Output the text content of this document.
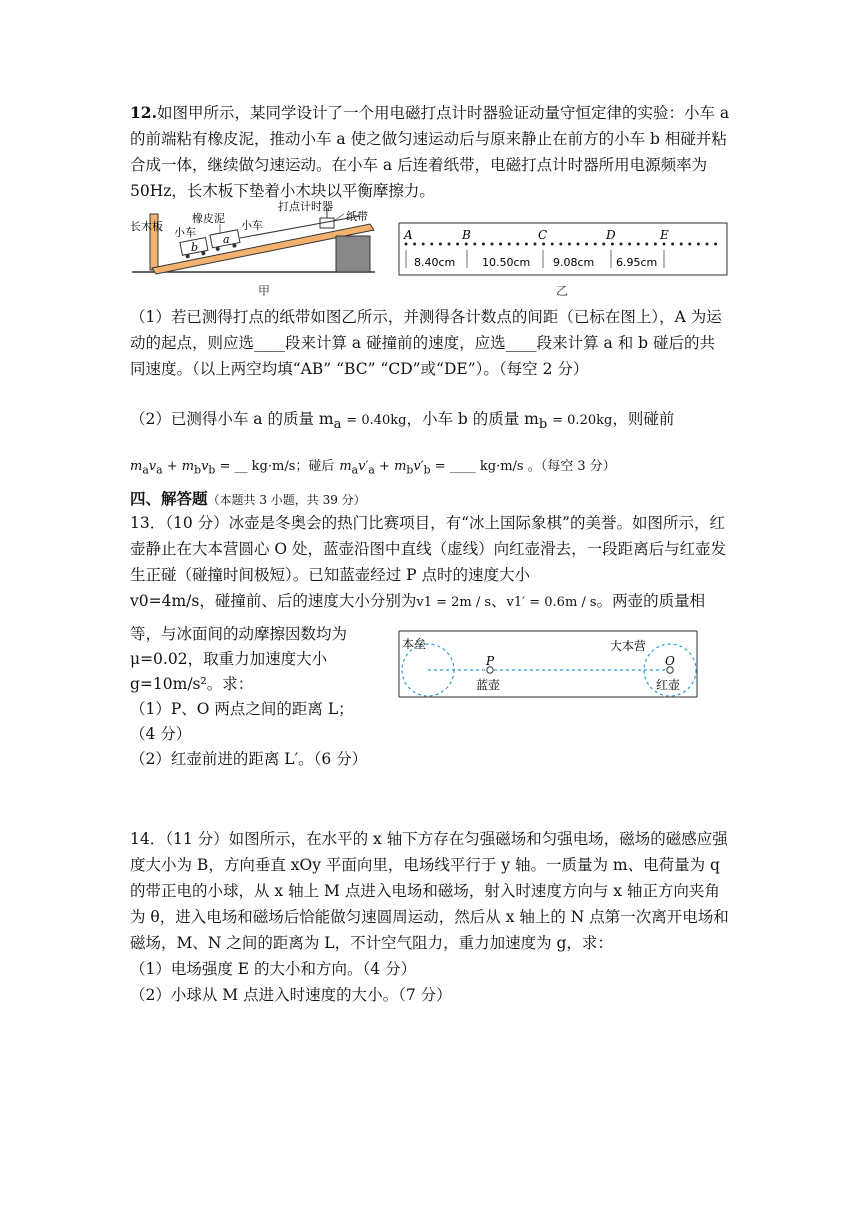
12.如图甲所示，某同学设计了一个用电磁打点计时器验证动量守恒定律的实验：小车 a 的前端粘有橡皮泥，推动小车 a 使之做匀速运动后与原来静止在前方的小车 b 相碰并粘合成一体，继续做匀速运动。在小车 a 后连着纸带，电磁打点计时器所用电源频率为50Hz，长木板下垫着小木块以平衡摩擦力。

长木板
橡皮泥
小车
小车
打点计时器
纸带
b
a
甲
A	B	C	D	E
8.40cm 10.50cm 9.08cm 6.95cm
乙

（1）若已测得打点的纸带如图乙所示，并测得各计数点的间距（已标在图上），A 为运动的起点，则应选____段来计算 a 碰撞前的速度，应选____段来计算 a 和 b 碰后的共同速度。（以上两空均填“AB” “BC” “CD”或“DE”）。（每空 2 分）

（2）已测得小车 a 的质量 $m_a = 0.40kg$，小车 b 的质量 $m_b = 0.20kg$，则碰前

$m_av_a + m_bv_b$ = __ kg·m/s；碰后 $m_av'_a + m_bv'_b$ = ____ kg·m/s 。（每空 3 分）

四、解答题（本题共 3 小题，共 39 分）

13．（10 分）冰壶是冬奥会的热门比赛项目，有“冰上国际象棋”的美誉。如图所示，红壶静止在大本营圆心 O 处，蓝壶沿图中直线（虚线）向红壶滑去，一段距离后与红壶发生正碰（碰撞时间极短）。已知蓝壶经过 P 点时的速度大小

v0=4m/s，碰撞前、后的速度大小分别为v1 = 2m / s、v1′ = 0.6m / s。两壶的质量相

等，与冰面间的动摩擦因数均为
μ=0.02，取重力加速度大小
g=10m/s²。求：
（1）P、O 两点之间的距离 L；
（4 分）
（2）红壶前进的距离 L′。（6 分）

本垒	大本营
P	O
蓝壶	红壶

14．（11 分）如图所示，在水平的 x 轴下方存在匀强磁场和匀强电场，磁场的磁感应强度大小为 B，方向垂直 xOy 平面向里，电场线平行于 y 轴。一质量为 m、电荷量为 q 的带正电的小球，从 x 轴上 M 点进入电场和磁场，射入时速度方向与 x 轴正方向夹角为 θ，进入电场和磁场后恰能做匀速圆周运动，然后从 x 轴上的 N 点第一次离开电场和磁场，M、N 之间的距离为 L，不计空气阻力，重力加速度为 g，求：

（1）电场强度 E 的大小和方向。（4 分）

（2）小球从 M 点进入时速度的大小。（7 分）
